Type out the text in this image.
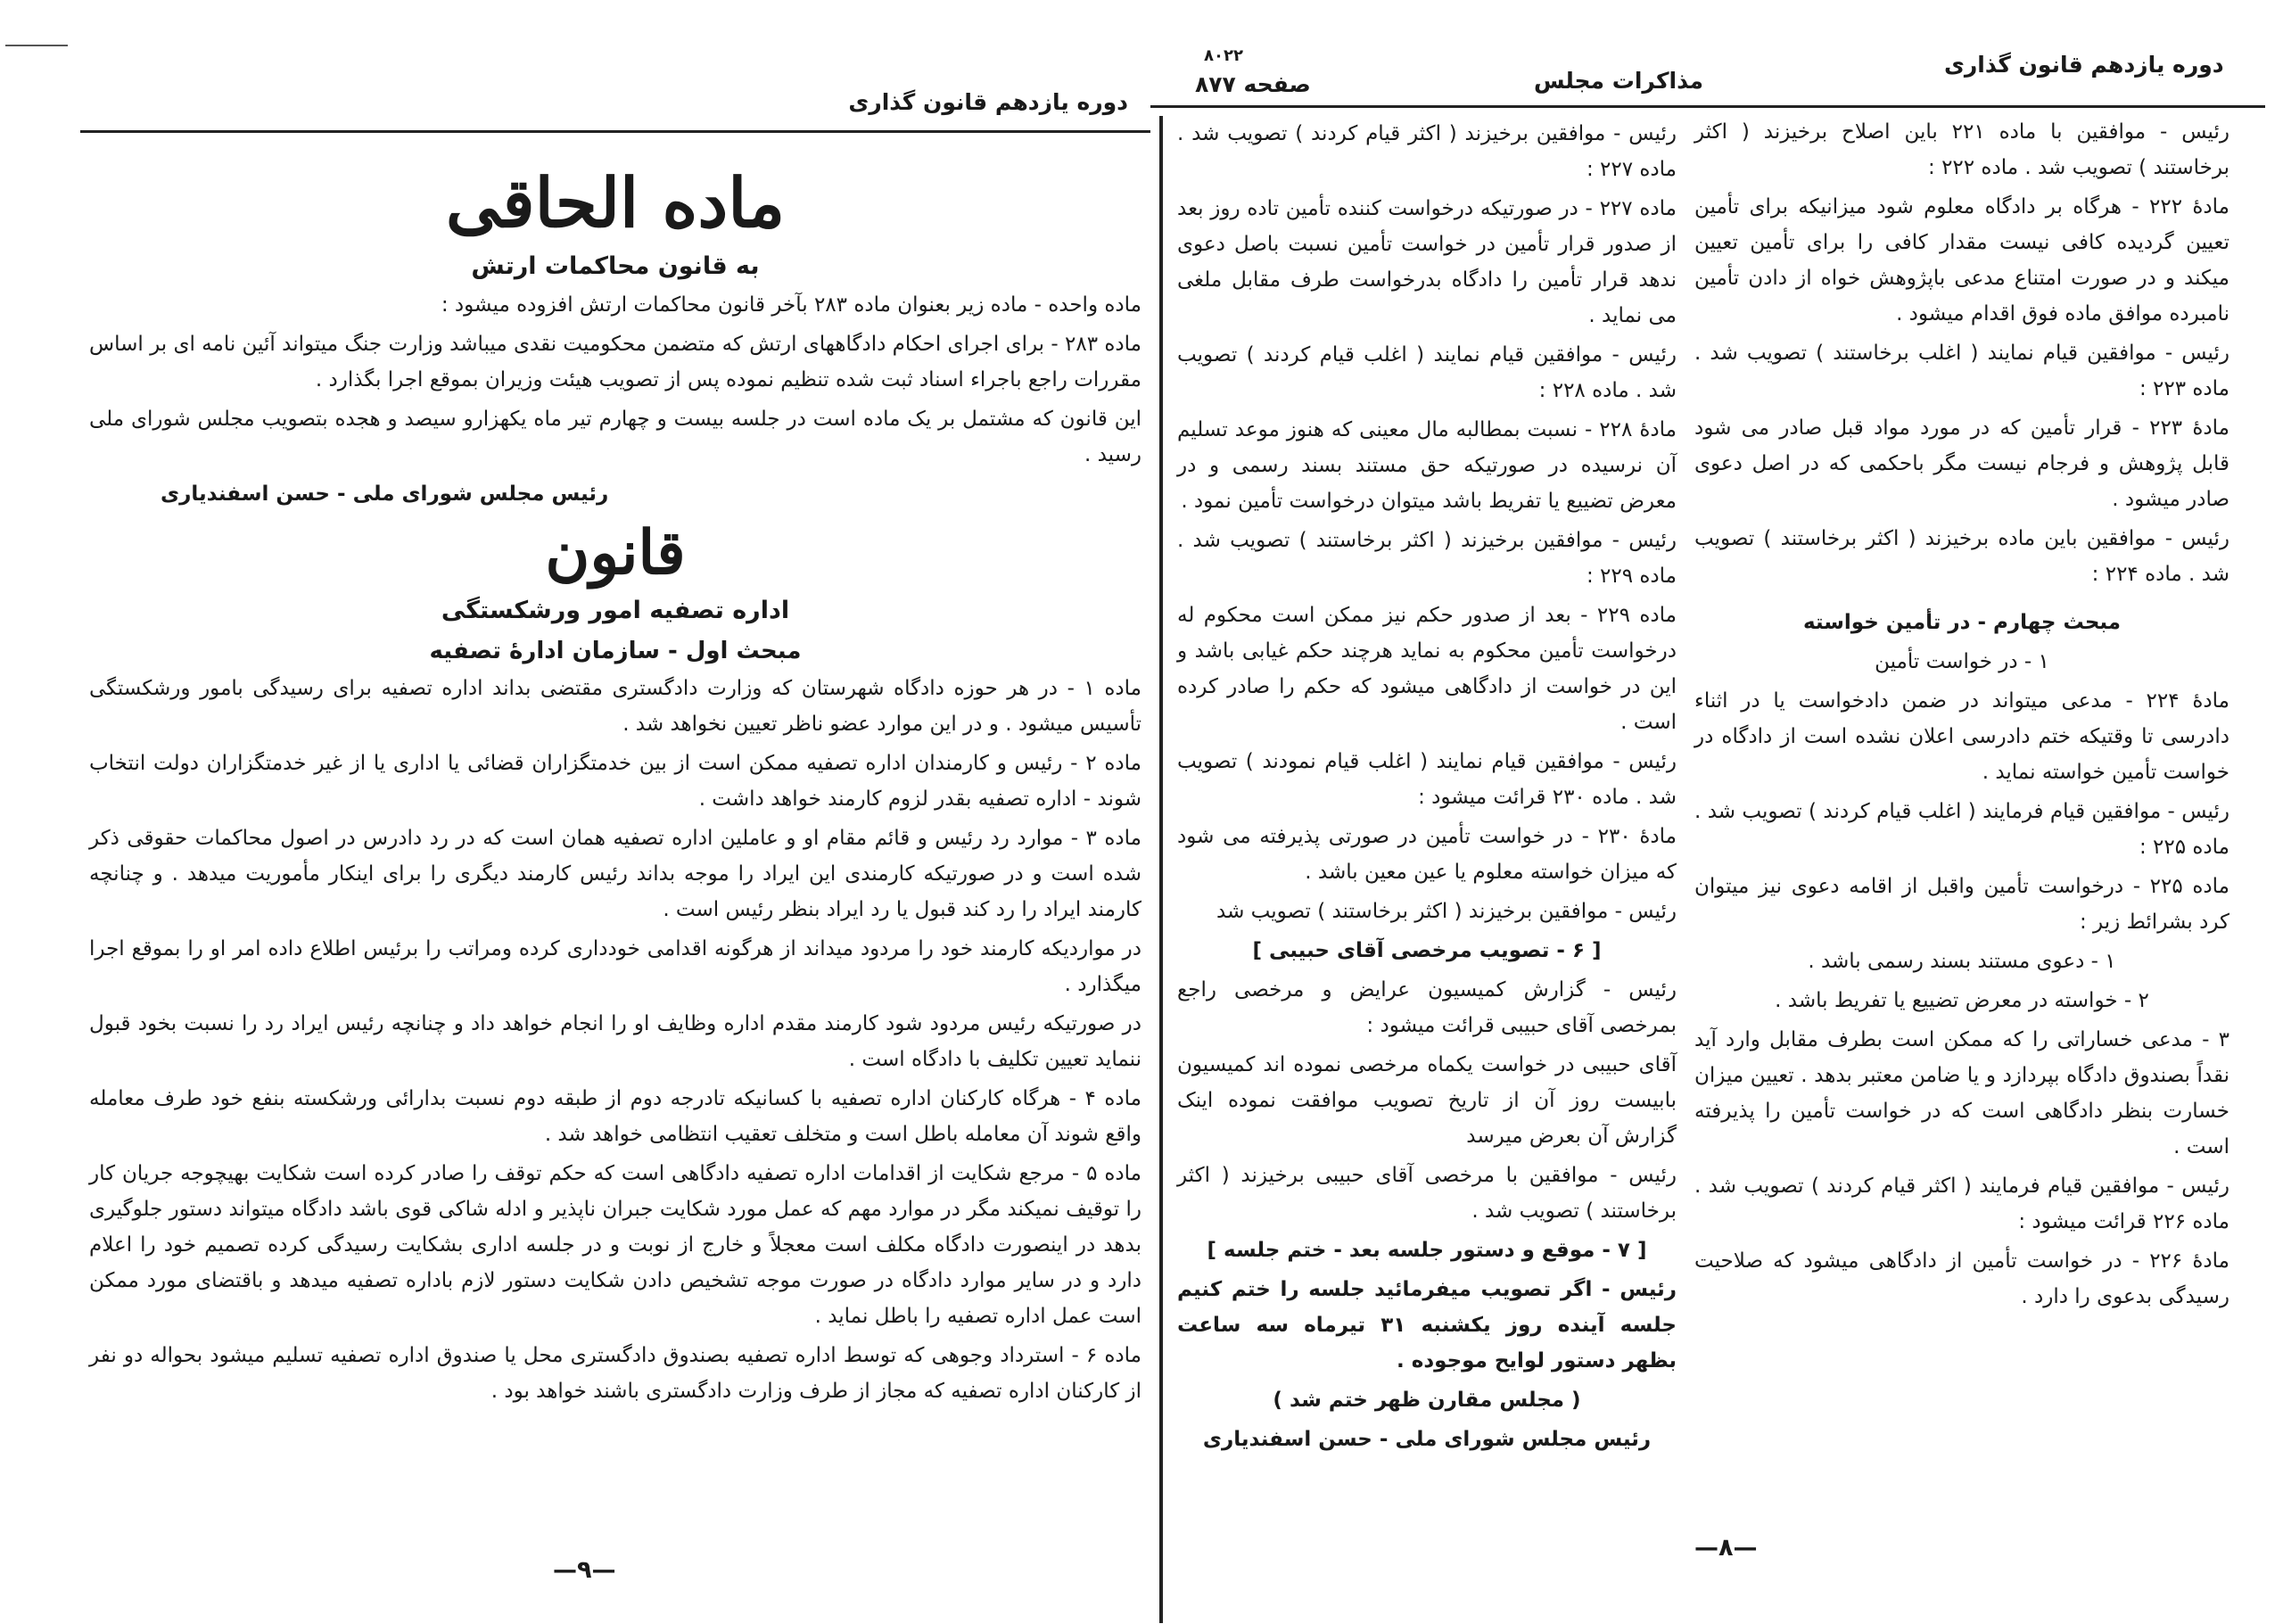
دوره یازدهم قانون گذاری
ماده الحاقی
به قانون محاکمات ارتش

ماده واحده - ماده زیر بعنوان ماده ۲۸۳ بآخر قانون محاکمات ارتش افزوده میشود :

ماده ۲۸۳ - برای اجرای احکام دادگاههای ارتش که متضمن محکومیت نقدی میباشد وزارت جنگ میتواند آئین نامه ای بر اساس مقررات راجع باجراء اسناد ثبت شده تنظیم نموده پس از تصویب هیئت وزیران بموقع اجرا بگذارد .

این قانون که مشتمل بر یک ماده است در جلسه بیست و چهارم تیر ماه یکهزارو سیصد و هجده بتصویب مجلس شورای ملی رسید .

رئیس مجلس شورای ملی - حسن اسفندیاری

قانون
اداره تصفیه امور ورشکستگی
مبحث اول - سازمان ادارهٔ تصفیه

ماده ۱ - در هر حوزه دادگاه شهرستان که وزارت دادگستری مقتضی بداند اداره تصفیه برای رسیدگی بامور ورشکستگی تأسیس میشود . و در این موارد عضو ناظر تعیین نخواهد شد .

ماده ۲ - رئیس و کارمندان اداره تصفیه ممکن است از بین خدمتگزاران قضائی یا اداری یا از غیر خدمتگزاران دولت انتخاب شوند - اداره تصفیه بقدر لزوم کارمند خواهد داشت .

ماده ۳ - موارد رد رئیس و قائم مقام او و عاملین اداره تصفیه همان است که در رد دادرس در اصول محاکمات حقوقی ذکر شده است و در صورتیکه کارمندی این ایراد را موجه بداند رئیس کارمند دیگری را برای اینکار مأموریت میدهد . و چنانچه کارمند ایراد را رد کند قبول یا رد ایراد بنظر رئیس است .

در مواردیکه کارمند خود را مردود میداند از هرگونه اقدامی خودداری کرده ومراتب را برئیس اطلاع داده امر او را بموقع اجرا میگذارد .

در صورتیکه رئیس مردود شود کارمند مقدم اداره وظایف او را انجام خواهد داد و چنانچه رئیس ایراد رد را نسبت بخود قبول ننماید تعیین تکلیف با دادگاه است .

ماده ۴ - هرگاه کارکنان اداره تصفیه با کسانیکه تادرجه دوم از طبقه دوم نسبت بدارائی ورشکسته بنفع خود طرف معامله واقع شوند آن معامله باطل است و متخلف تعقیب انتظامی خواهد شد .

ماده ۵ - مرجع شکایت از اقدامات اداره تصفیه دادگاهی است که حکم توقف را صادر کرده است شکایت بهیچوجه جریان کار را توقیف نمیکند مگر در موارد مهم که عمل مورد شکایت جبران ناپذیر و ادله شاکی قوی باشد دادگاه میتواند دستور جلوگیری بدهد در اینصورت دادگاه مکلف است معجلاً و خارج از نوبت و در جلسه اداری بشکایت رسیدگی کرده تصمیم خود را اعلام دارد و در سایر موارد دادگاه در صورت موجه تشخیص دادن شکایت دستور لازم باداره تصفیه میدهد و باقتضای مورد ممکن است عمل اداره تصفیه را باطل نماید .

ماده ۶ - استرداد وجوهی که توسط اداره تصفیه بصندوق دادگستری محل یا صندوق اداره تصفیه تسلیم میشود بحواله دو نفر از کارکنان اداره تصفیه که مجاز از طرف وزارت دادگستری باشند خواهد بود .

—۹—
دوره یازدهم قانون گذاری
مذاکرات مجلس
صفحه ۸۷۷
۸۰۲۲

رئیس - موافقین با ماده ۲۲۱ باین اصلاح برخیزند ( اکثر برخاستند ) تصویب شد . ماده ۲۲۲ :

مادهٔ ۲۲۲ - هرگاه بر دادگاه معلوم شود میزانیکه برای تأمین تعیین گردیده کافی نیست مقدار کافی را برای تأمین تعیین میکند و در صورت امتناع مدعی باپژوهش خواه از دادن تأمین نامبرده موافق ماده فوق اقدام میشود .

رئیس - موافقین قیام نمایند ( اغلب برخاستند ) تصویب شد . ماده ۲۲۳ :

مادهٔ ۲۲۳ - قرار تأمین که در مورد مواد قبل صادر می شود قابل پژوهش و فرجام نیست مگر باحکمی که در اصل دعوی صادر میشود .

رئیس - موافقین باین ماده برخیزند ( اکثر برخاستند ) تصویب شد . ماده ۲۲۴ :

مبحث چهارم - در تأمین خواسته

۱ - در خواست تأمین

مادهٔ ۲۲۴ - مدعی میتواند در ضمن دادخواست یا در اثناء دادرسی تا وقتیکه ختم دادرسی اعلان نشده است از دادگاه در خواست تأمین خواسته نماید .

رئیس - موافقین قیام فرمایند ( اغلب قیام کردند ) تصویب شد . ماده ۲۲۵ :

ماده ۲۲۵ - درخواست تأمین واقبل از اقامه دعوی نیز میتوان کرد بشرائط زیر :

۱ - دعوی مستند بسند رسمی باشد .

۲ - خواسته در معرض تضییع یا تفریط باشد .

۳ - مدعی خساراتی را که ممکن است بطرف مقابل وارد آید نقداً بصندوق دادگاه بپردازد و یا ضامن معتبر بدهد . تعیین میزان خسارت بنظر دادگاهی است که در خواست تأمین را پذیرفته است .

رئیس - موافقین قیام فرمایند ( اکثر قیام کردند ) تصویب شد . ماده ۲۲۶ قرائت میشود :

مادهٔ ۲۲۶ - در خواست تأمین از دادگاهی میشود که صلاحیت رسیدگی بدعوی را دارد .

رئیس - موافقین برخیزند ( اکثر قیام کردند ) تصویب شد . ماده ۲۲۷ :

ماده ۲۲۷ - در صورتیکه درخواست کننده تأمین تاده روز بعد از صدور قرار تأمین در خواست تأمین نسبت باصل دعوی ندهد قرار تأمین را دادگاه بدرخواست طرف مقابل ملغی می نماید .

رئیس - موافقین قیام نمایند ( اغلب قیام کردند ) تصویب شد . ماده ۲۲۸ :

مادهٔ ۲۲۸ - نسبت بمطالبه مال معینی که هنوز موعد تسلیم آن نرسیده در صورتیکه حق مستند بسند رسمی و در معرض تضییع یا تفریط باشد میتوان درخواست تأمین نمود .

رئیس - موافقین برخیزند ( اکثر برخاستند ) تصویب شد . ماده ۲۲۹ :

ماده ۲۲۹ - بعد از صدور حکم نیز ممکن است محکوم له درخواست تأمین محکوم به نماید هرچند حکم غیابی باشد و این در خواست از دادگاهی میشود که حکم را صادر کرده است .

رئیس - موافقین قیام نمایند ( اغلب قیام نمودند ) تصویب شد . ماده ۲۳۰ قرائت میشود :

مادهٔ ۲۳۰ - در خواست تأمین در صورتی پذیرفته می شود که میزان خواسته معلوم یا عین معین باشد .

رئیس - موافقین برخیزند ( اکثر برخاستند ) تصویب شد

[ ۶ - تصویب مرخصی آقای حبیبی ]

رئیس - گزارش کمیسیون عرایض و مرخصی راجع بمرخصی آقای حبیبی قرائت میشود :

آقای حبیبی در خواست یکماه مرخصی نموده اند کمیسیون بابیست روز آن از تاریخ تصویب موافقت نموده اینک گزارش آن بعرض میرسد

رئیس - موافقین با مرخصی آقای حبیبی برخیزند ( اکثر برخاستند ) تصویب شد .

[ ۷ - موقع و دستور جلسه بعد - ختم جلسه ]

رئیس - اگر تصویب میفرمائید جلسه را ختم کنیم جلسه آینده روز یکشنبه ۳۱ تیرماه سه ساعت بظهر دستور لوایح موجوده .

( مجلس مقارن ظهر ختم شد )

رئیس مجلس شورای ملی - حسن اسفندیاری

—۸—
